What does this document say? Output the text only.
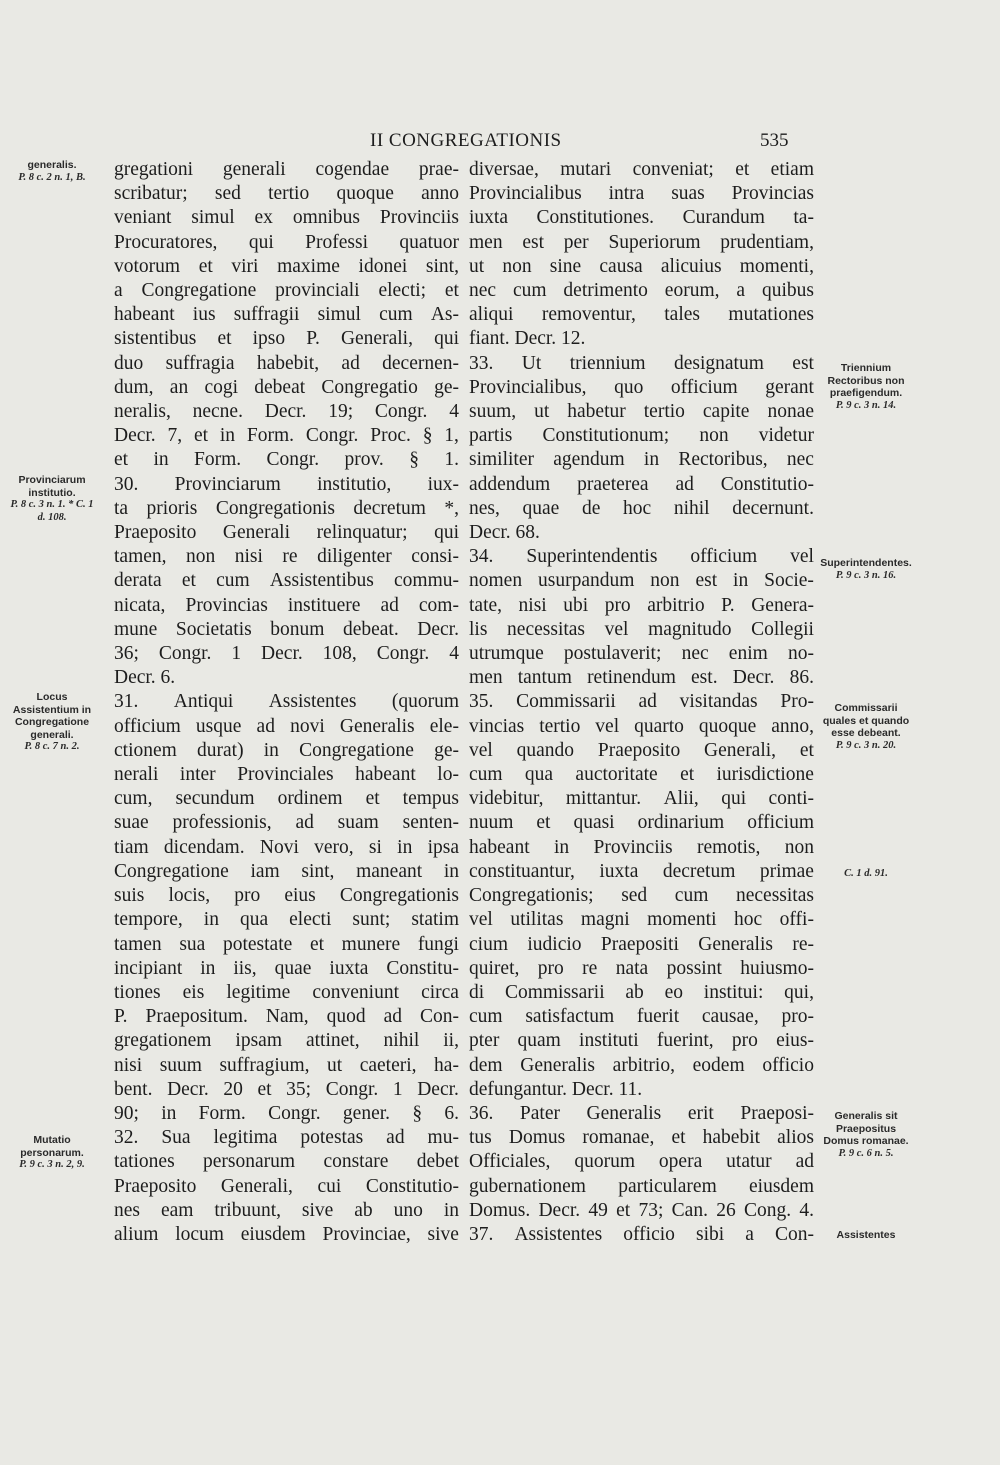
II CONGREGATIONIS	535
generalis.
P. 8 c. 2 n. 1, B.
Provinciarum institutio.
P. 8 c. 3 n. 1. * C. 1 d. 108.
Locus Assistentium in Congregatione generali.
P. 8 c. 7 n. 2.
Mutatio personarum.
P. 9 c. 3 n. 2, 9.
Triennium Rectoribus non praefigendum.
P. 9 c. 3 n. 14.
Superintendentes.
P. 9 c. 3 n. 16.
Commissarii quales et quando esse debeant.
P. 9 c. 3 n. 20.
C. 1 d. 91.
Generalis sit Praepositus Domus romanae.
P. 9 c. 6 n. 5.
Assistentes
gregationi generali cogendae prae-
scribatur; sed tertio quoque anno
veniant simul ex omnibus Provinciis
Procuratores, qui Professi quatuor
votorum et viri maxime idonei sint,
a Congregatione provinciali electi; et
habeant ius suffragii simul cum As-
sistentibus et ipso P. Generali, qui
duo suffragia habebit, ad decernen-
dum, an cogi debeat Congregatio ge-
neralis, necne. Decr. 19; Congr. 4
Decr. 7, et in Form. Congr. Proc. § 1,
et in Form. Congr. prov. § 1.
30. Provinciarum institutio, iux-
ta prioris Congregationis decretum *,
Praeposito Generali relinquatur; qui
tamen, non nisi re diligenter consi-
derata et cum Assistentibus commu-
nicata, Provincias instituere ad com-
mune Societatis bonum debeat. Decr.
36; Congr. 1 Decr. 108, Congr. 4
Decr. 6.
31. Antiqui Assistentes (quorum
officium usque ad novi Generalis ele-
ctionem durat) in Congregatione ge-
nerali inter Provinciales habeant lo-
cum, secundum ordinem et tempus
suae professionis, ad suam senten-
tiam dicendam. Novi vero, si in ipsa
Congregatione iam sint, maneant in
suis locis, pro eius Congregationis
tempore, in qua electi sunt; statim
tamen sua potestate et munere fungi
incipiant in iis, quae iuxta Constitu-
tiones eis legitime conveniunt circa
P. Praepositum. Nam, quod ad Con-
gregationem ipsam attinet, nihil ii,
nisi suum suffragium, ut caeteri, ha-
bent. Decr. 20 et 35; Congr. 1 Decr.
90; in Form. Congr. gener. § 6.
32. Sua legitima potestas ad mu-
tationes personarum constare debet
Praeposito Generali, cui Constitutio-
nes eam tribuunt, sive ab uno in
alium locum eiusdem Provinciae, sive
diversae, mutari conveniat; et etiam
Provincialibus intra suas Provincias
iuxta Constitutiones. Curandum ta-
men est per Superiorum prudentiam,
ut non sine causa alicuius momenti,
nec cum detrimento eorum, a quibus
aliqui removentur, tales mutationes
fiant. Decr. 12.
33. Ut triennium designatum est
Provincialibus, quo officium gerant
suum, ut habetur tertio capite nonae
partis Constitutionum; non videtur
similiter agendum in Rectoribus, nec
addendum praeterea ad Constitutio-
nes, quae de hoc nihil decernunt.
Decr. 68.
34. Superintendentis officium vel
nomen usurpandum non est in Socie-
tate, nisi ubi pro arbitrio P. Genera-
lis necessitas vel magnitudo Collegii
utrumque postulaverit; nec enim no-
men tantum retinendum est. Decr. 86.
35. Commissarii ad visitandas Pro-
vincias tertio vel quarto quoque anno,
vel quando Praeposito Generali, et
cum qua auctoritate et iurisdictione
videbitur, mittantur. Alii, qui conti-
nuum et quasi ordinarium officium
habeant in Provinciis remotis, non
constituantur, iuxta decretum primae
Congregationis; sed cum necessitas
vel utilitas magni momenti hoc offi-
cium iudicio Praepositi Generalis re-
quiret, pro re nata possint huiusmo-
di Commissarii ab eo institui: qui,
cum satisfactum fuerit causae, pro-
pter quam instituti fuerint, pro eius-
dem Generalis arbitrio, eodem officio
defungantur. Decr. 11.
36. Pater Generalis erit Praeposi-
tus Domus romanae, et habebit alios
Officiales, quorum opera utatur ad
gubernationem particularem eiusdem
Domus. Decr. 49 et 73; Can. 26 Cong. 4.
37. Assistentes officio sibi a Con-
